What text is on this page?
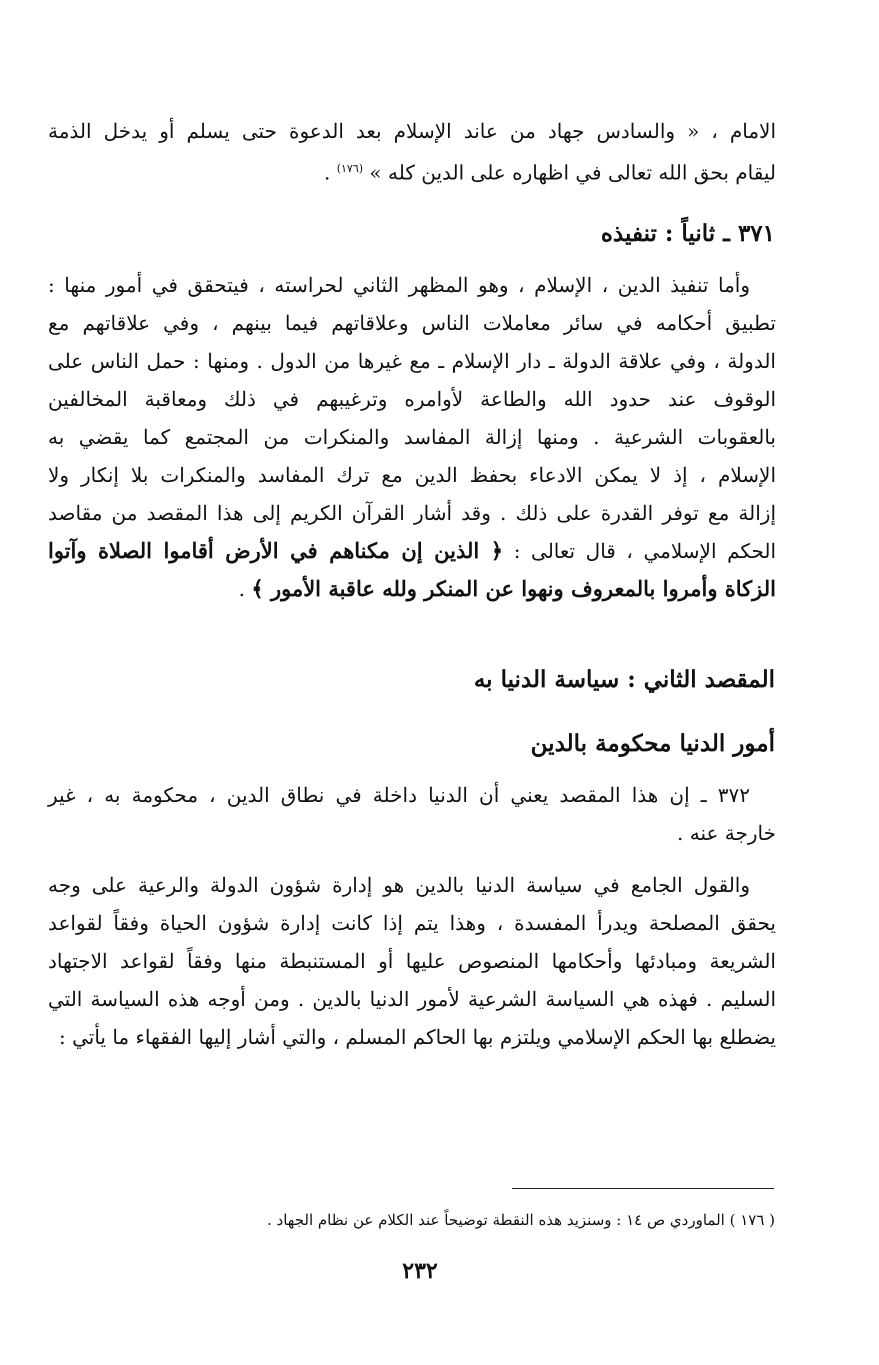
الامام ، « والسادس جهاد من عاند الإسلام بعد الدعوة حتى يسلم أو يدخل الذمة
ليقام بحق الله تعالى في اظهاره على الدين كله » $^{(١٧٦)}$ .
٣٧١ ـ ثانياً : تنفيذه
وأما تنفيذ الدين ، الإسلام ، وهو المظهر الثاني لحراسته ، فيتحقق في أمور منها :
تطبيق أحكامه في سائر معاملات الناس وعلاقاتهم فيما بينهم ، وفي علاقاتهم مع
الدولة ، وفي علاقة الدولة ـ دار الإسلام ـ مع غيرها من الدول . ومنها : حمل الناس على
الوقوف عند حدود الله والطاعة لأوامره وترغيبهم في ذلك ومعاقبة المخالفين
بالعقوبات الشرعية . ومنها إزالة المفاسد والمنكرات من المجتمع كما يقضي به
الإسلام ، إذ لا يمكن الادعاء بحفظ الدين مع ترك المفاسد والمنكرات بلا إنكار ولا
إزالة مع توفر القدرة على ذلك . وقد أشار القرآن الكريم إلى هذا المقصد من مقاصد
الحكم الإسلامي ، قال تعالى : ﴿ الذين إن مكناهم في الأرض أقاموا الصلاة وآتوا
الزكاة وأمروا بالمعروف ونهوا عن المنكر ولله عاقبة الأمور ﴾ .
المقصد الثاني : سياسة الدنيا به
أمور الدنيا محكومة بالدين
٣٧٢ ـ إن هذا المقصد يعني أن الدنيا داخلة في نطاق الدين ، محكومة به ، غير
خارجة عنه .
والقول الجامع في سياسة الدنيا بالدين هو إدارة شؤون الدولة والرعية على وجه
يحقق المصلحة ويدرأ المفسدة ، وهذا يتم إذا كانت إدارة شؤون الحياة وفقاً لقواعد
الشريعة ومبادئها وأحكامها المنصوص عليها أو المستنبطة منها وفقاً لقواعد الاجتهاد
السليم . فهذه هي السياسة الشرعية لأمور الدنيا بالدين . ومن أوجه هذه السياسة التي
يضطلع بها الحكم الإسلامي ويلتزم بها الحاكم المسلم ، والتي أشار إليها الفقهاء ما يأتي :
( ١٧٦ ) الماوردي ص ١٤ : وسنزيد هذه النقطة توضيحاً عند الكلام عن نظام الجهاد .
٢٣٢
